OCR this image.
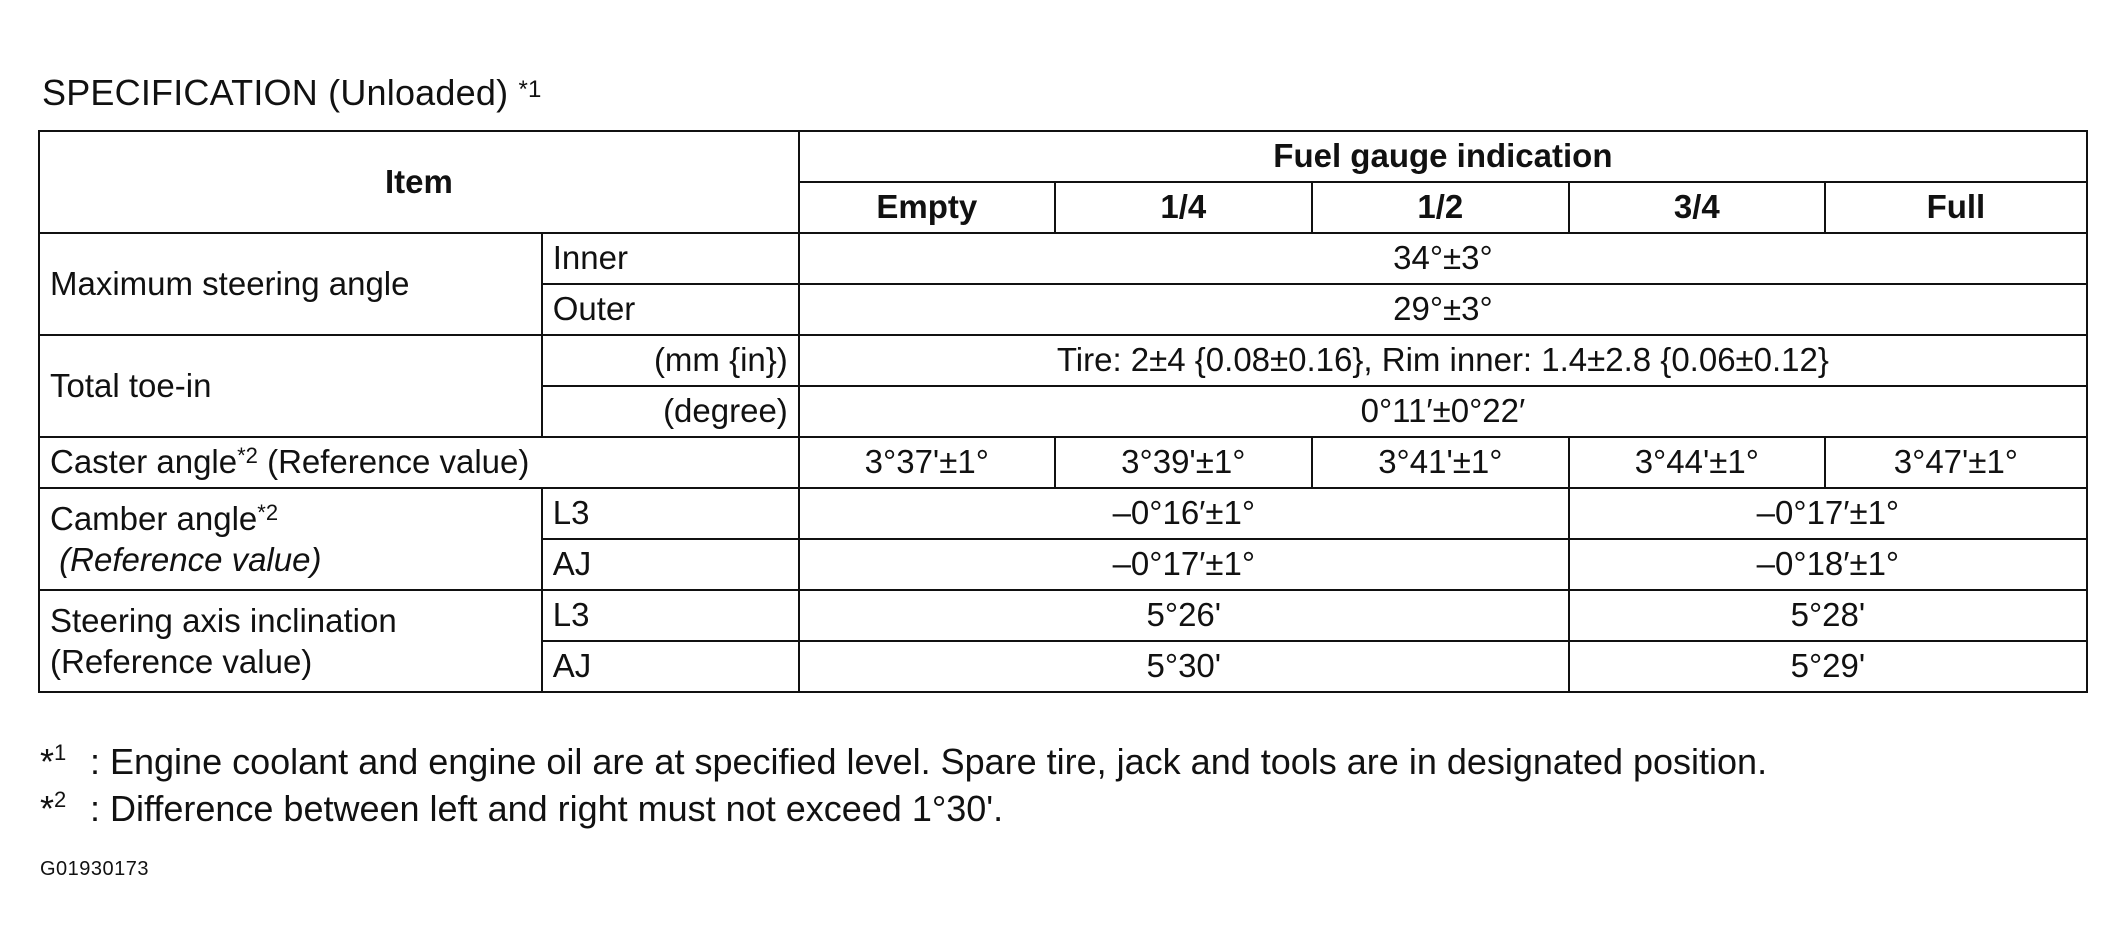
SPECIFICATION (Unloaded) $^{*1}$
Item		Fuel gauge indication				
		Empty	1/4	1/2	3/4	Full
Maximum steering angle	Inner	34°±3°				
	Outer	29°±3°				
Total toe-in	(mm {in})	Tire: 2±4 {0.08±0.16}, Rim inner: 1.4±2.8 {0.06±0.12}				
	(degree)	0°11′±0°22′				
Caster angle$^{*2}$ (Reference value)		3°37'±1°	3°39'±1°	3°41'±1°	3°44'±1°	3°47'±1°
Camber angle$^{*2}$
(Reference value)	L3	–0°16′±1°			–0°17′±1°	
	AJ	–0°17′±1°			–0°18′±1°	
Steering axis inclination
(Reference value)	L3	5°26'			5°28'	
	AJ	5°30'			5°29'	
*$^1$ : Engine coolant and engine oil are at specified level. Spare tire, jack and tools are in designated position.
*$^2$ : Difference between left and right must not exceed 1°30'.
G01930173
